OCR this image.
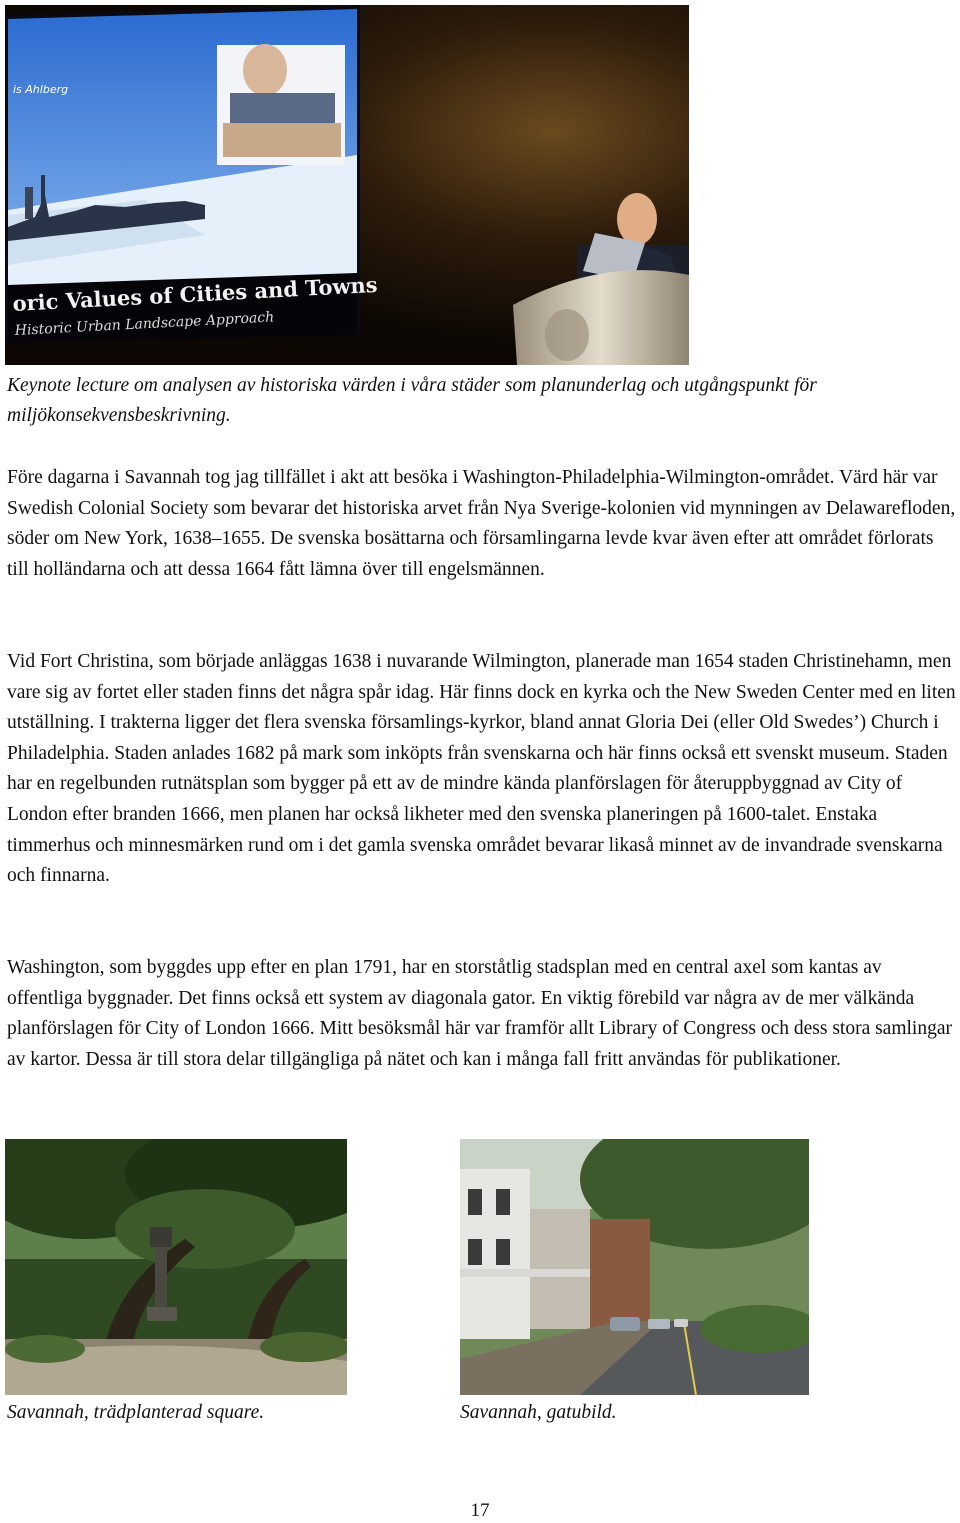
is Ahlberg
oric Values of Cities and Towns
Historic Urban Landscape Approach

Keynote lecture om analysen av historiska värden i våra städer som planunderlag och utgångspunkt för miljökonsekvensbeskrivning.

Före dagarna i Savannah tog jag tillfället i akt att besöka i Washington-Philadelphia-Wilmington-området. Värd här var Swedish Colonial Society som bevarar det historiska arvet från Nya Sverige-kolonien vid mynningen av Delawarefloden, söder om New York, 1638–1655. De svenska bosättarna och församlingarna levde kvar även efter att området förlorats till holländarna och att dessa 1664 fått lämna över till engelsmännen.

Vid Fort Christina, som började anläggas 1638 i nuvarande Wilmington, planerade man 1654 staden Christinehamn, men vare sig av fortet eller staden finns det några spår idag. Här finns dock en kyrka och the New Sweden Center med en liten utställning. I trakterna ligger det flera svenska församlings-kyrkor, bland annat Gloria Dei (eller Old Swedes’) Church i Philadelphia. Staden anlades 1682 på mark som inköpts från svenskarna och här finns också ett svenskt museum. Staden har en regelbunden rutnätsplan som bygger på ett av de mindre kända planförslagen för återuppbyggnad av City of London efter branden 1666, men planen har också likheter med den svenska planeringen på 1600-talet. Enstaka timmerhus och minnesmärken rund om i det gamla svenska området bevarar likaså minnet av de invandrade svenskarna och finnarna.

Washington, som byggdes upp efter en plan 1791, har en storståtlig stadsplan med en central axel som kantas av offentliga byggnader. Det finns också ett system av diagonala gator. En viktig förebild var några av de mer välkända planförslagen för City of London 1666. Mitt besöksmål här var framför allt Library of Congress och dess stora samlingar av kartor. Dessa är till stora delar tillgängliga på nätet och kan i många fall fritt användas för publikationer.

Savannah, trädplanterad square.	Savannah, gatubild.

17
